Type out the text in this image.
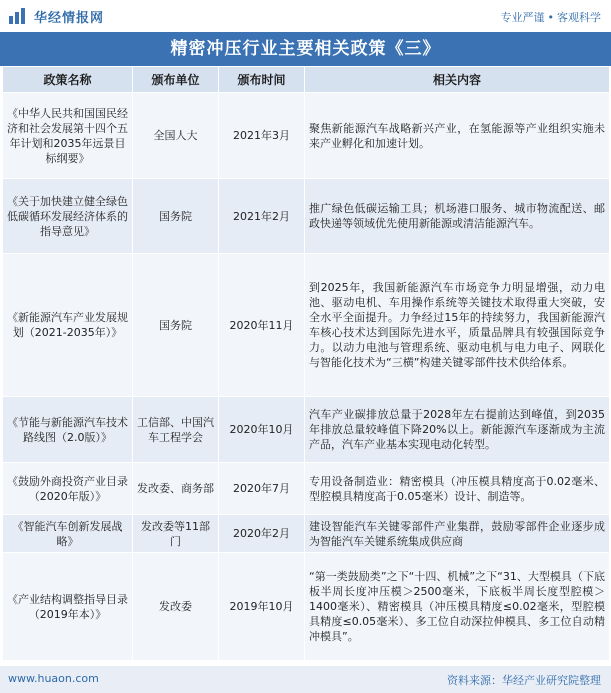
华经情报网	专业严谨 • 客观科学
精密冲压行业主要相关政策《三》
政策名称	颁布单位	颁布时间	相关内容
《中华人民共和国国民经济和社会发展第十四个五年计划和2035年远景目标纲要》	全国人大	2021年3月	聚焦新能源汽车战略新兴产业，在氢能源等产业组织实施未来产业孵化和加速计划。
《关于加快建立健全绿色低碳循环发展经济体系的指导意见》	国务院	2021年2月	推广绿色低碳运输工具；机场港口服务、城市物流配送、邮政快递等领域优先使用新能源或清洁能源汽车。
《新能源汽车产业发展规划（2021-2035年）》	国务院	2020年11月	到2025年，我国新能源汽车市场竞争力明显增强，动力电池、驱动电机、车用操作系统等关键技术取得重大突破，安全水平全面提升。力争经过15年的持续努力，我国新能源汽车核心技术达到国际先进水平，质量品牌具有较强国际竞争力。以动力电池与管理系统、驱动电机与电力电子、网联化与智能化技术为“三横”构建关键零部件技术供给体系。
《节能与新能源汽车技术路线图（2.0版）》	工信部、中国汽车工程学会	2020年10月	汽车产业碳排放总量于2028年左右提前达到峰值，到2035年排放总量较峰值下降20%以上。新能源汽车逐渐成为主流产品，汽车产业基本实现电动化转型。
《鼓励外商投资产业目录（2020年版）》	发改委、商务部	2020年7月	专用设备制造业：精密模具（冲压模具精度高于0.02毫米、型腔模具精度高于0.05毫米）设计、制造等。
《智能汽车创新发展战略》	发改委等11部门	2020年2月	建设智能汽车关键零部件产业集群，鼓励零部件企业逐步成为智能汽车关键系统集成供应商
《产业结构调整指导目录（2019年本）》	发改委	2019年10月	“第一类鼓励类”之下“十四、机械”之下“31、大型模具（下底板半周长度冲压模＞2500毫米，下底板半周长度型腔模＞1400毫米）、精密模具（冲压模具精度≤0.02毫米，型腔模具精度≤0.05毫米）、多工位自动深拉伸模具、多工位自动精冲模具”。
www.huaon.com	资料来源：华经产业研究院整理
